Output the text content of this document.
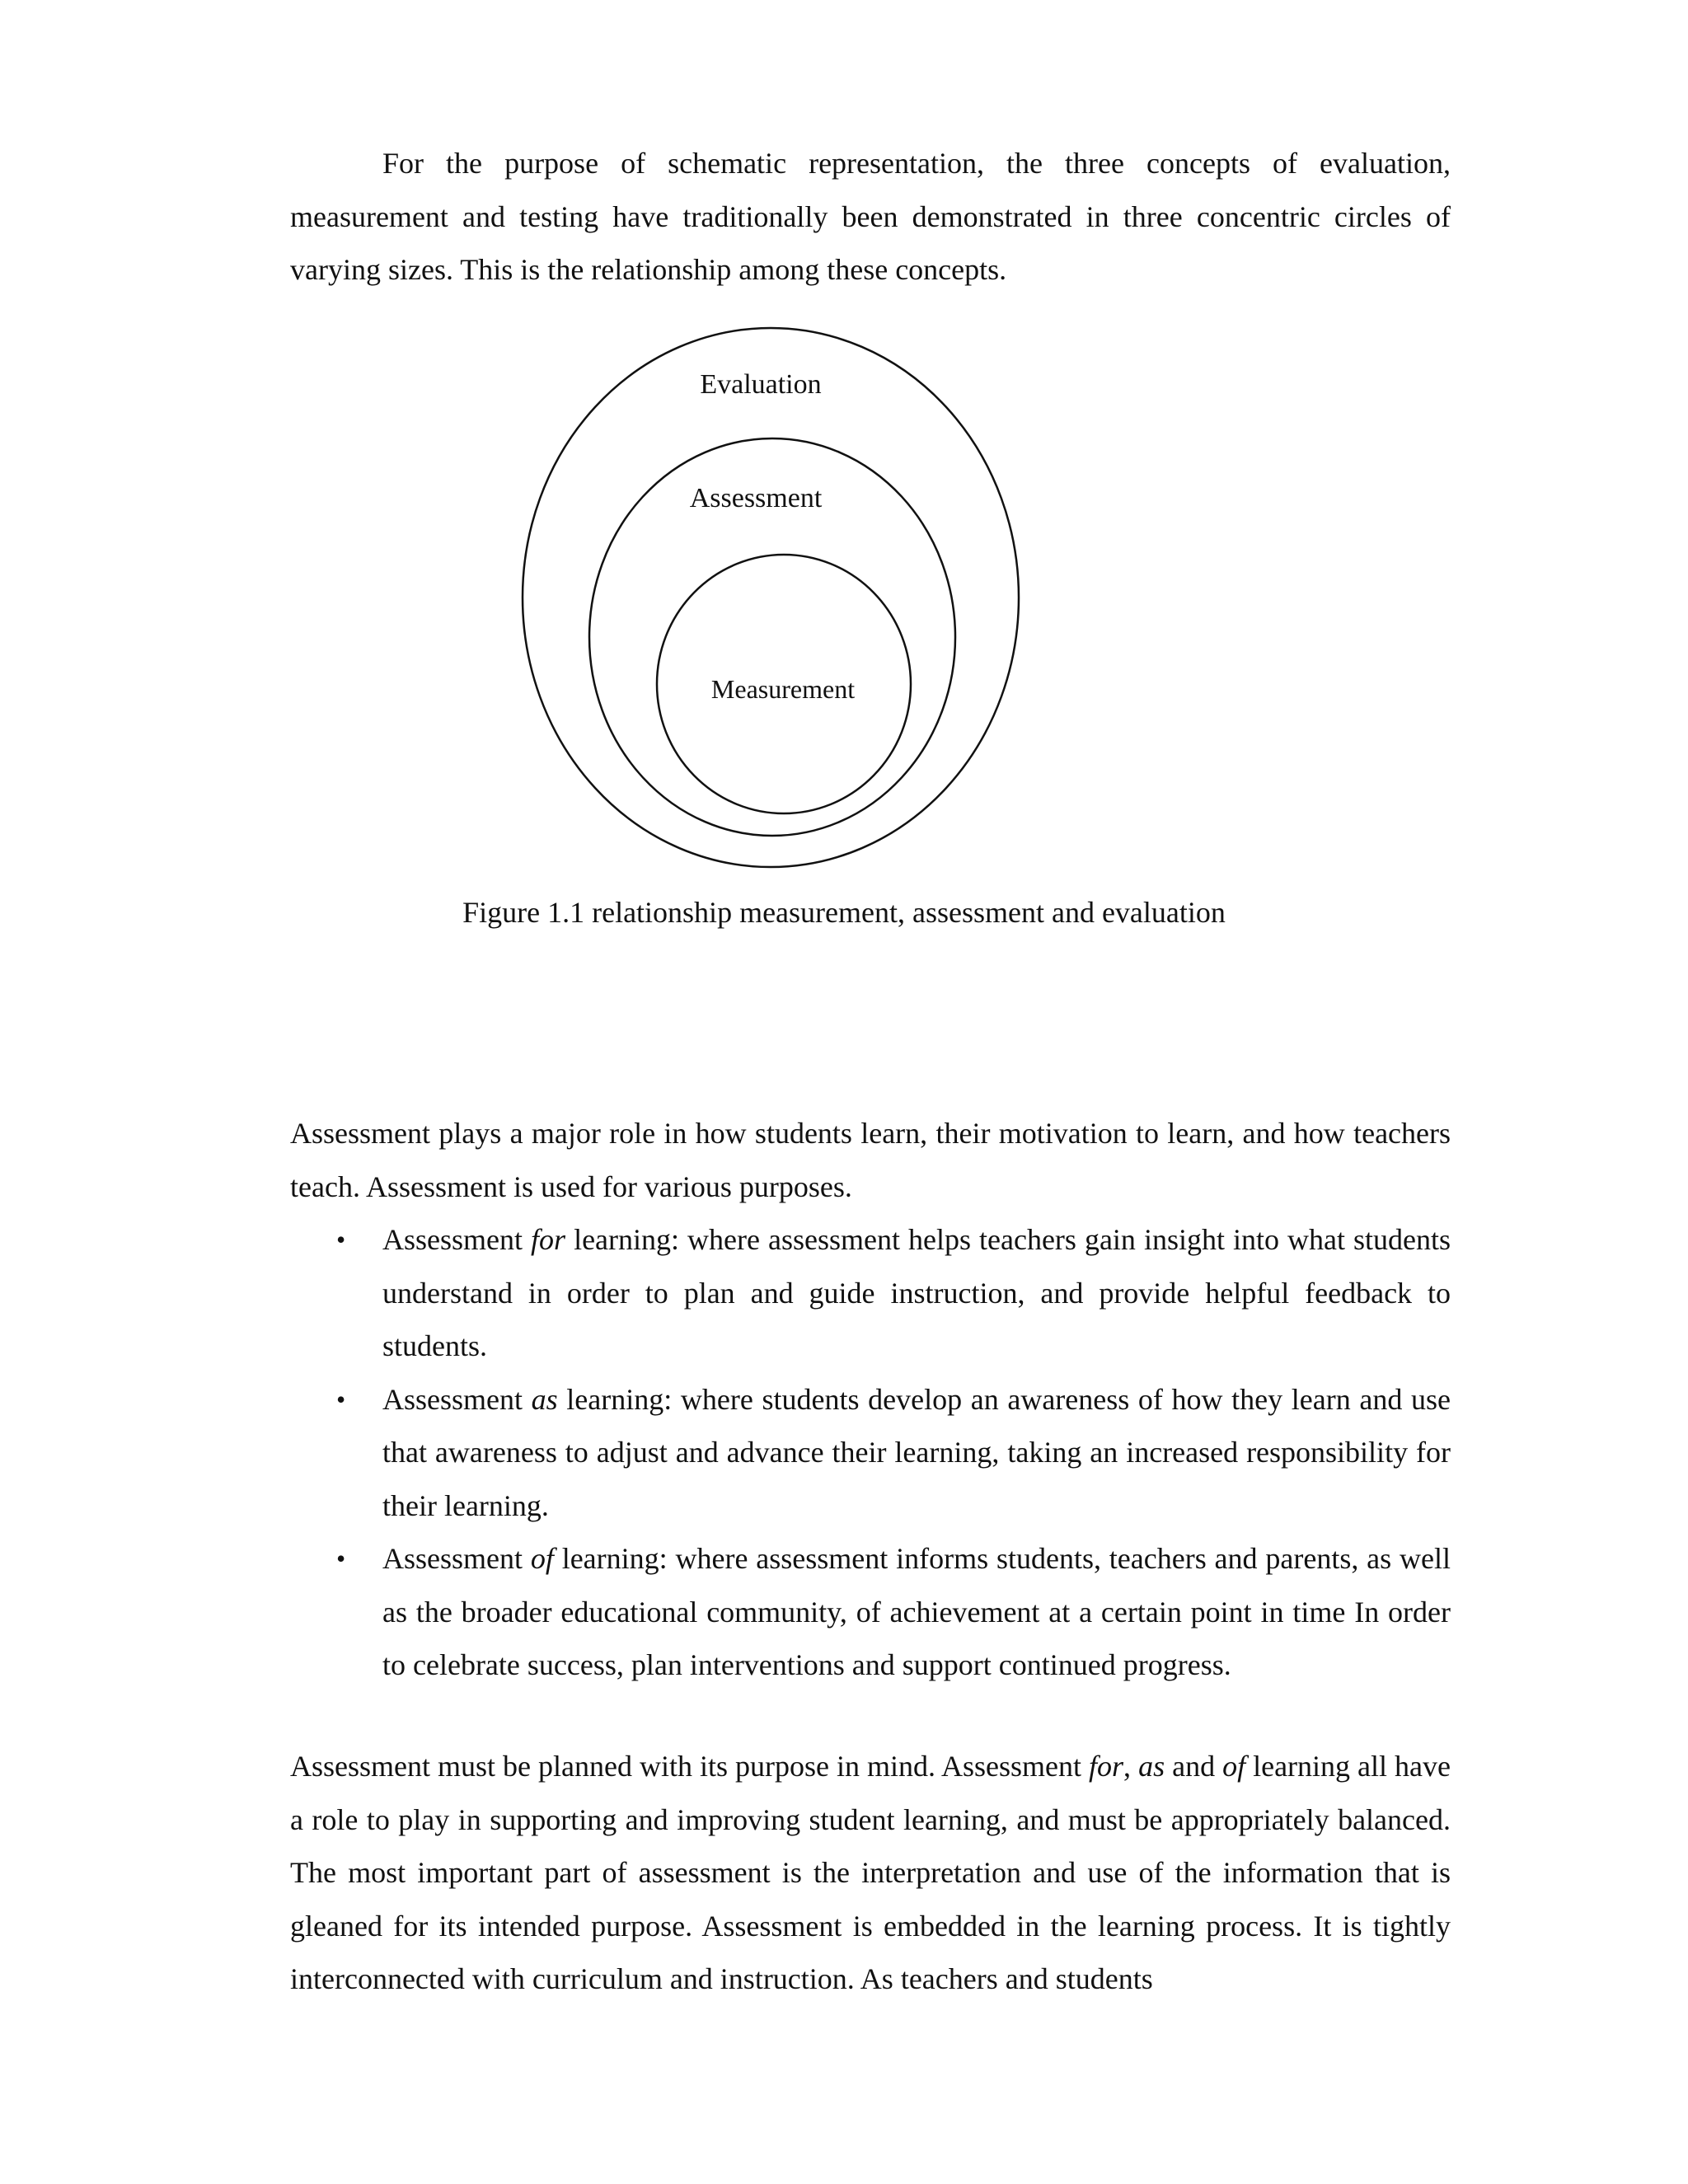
For the purpose of schematic representation, the three concepts of evaluation, measurement and testing have traditionally been demonstrated in three concentric circles of varying sizes. This is the relationship among these concepts.

Evaluation
Assessment
Measurement

Figure 1.1 relationship measurement, assessment and evaluation

Assessment plays a major role in how students learn, their motivation to learn, and how teachers teach. Assessment is used for various purposes.

• Assessment for learning: where assessment helps teachers gain insight into what students understand in order to plan and guide instruction, and provide helpful feedback to students.
• Assessment as learning: where students develop an awareness of how they learn and use that awareness to adjust and advance their learning, taking an increased responsibility for their learning.
• Assessment of learning: where assessment informs students, teachers and parents, as well as the broader educational community, of achievement at a certain point in time In order to celebrate success, plan interventions and support continued progress.

Assessment must be planned with its purpose in mind. Assessment for, as and of learning all have a role to play in supporting and improving student learning, and must be appropriately balanced. The most important part of assessment is the interpretation and use of the information that is gleaned for its intended purpose. Assessment is embedded in the learning process. It is tightly interconnected with curriculum and instruction. As teachers and students
